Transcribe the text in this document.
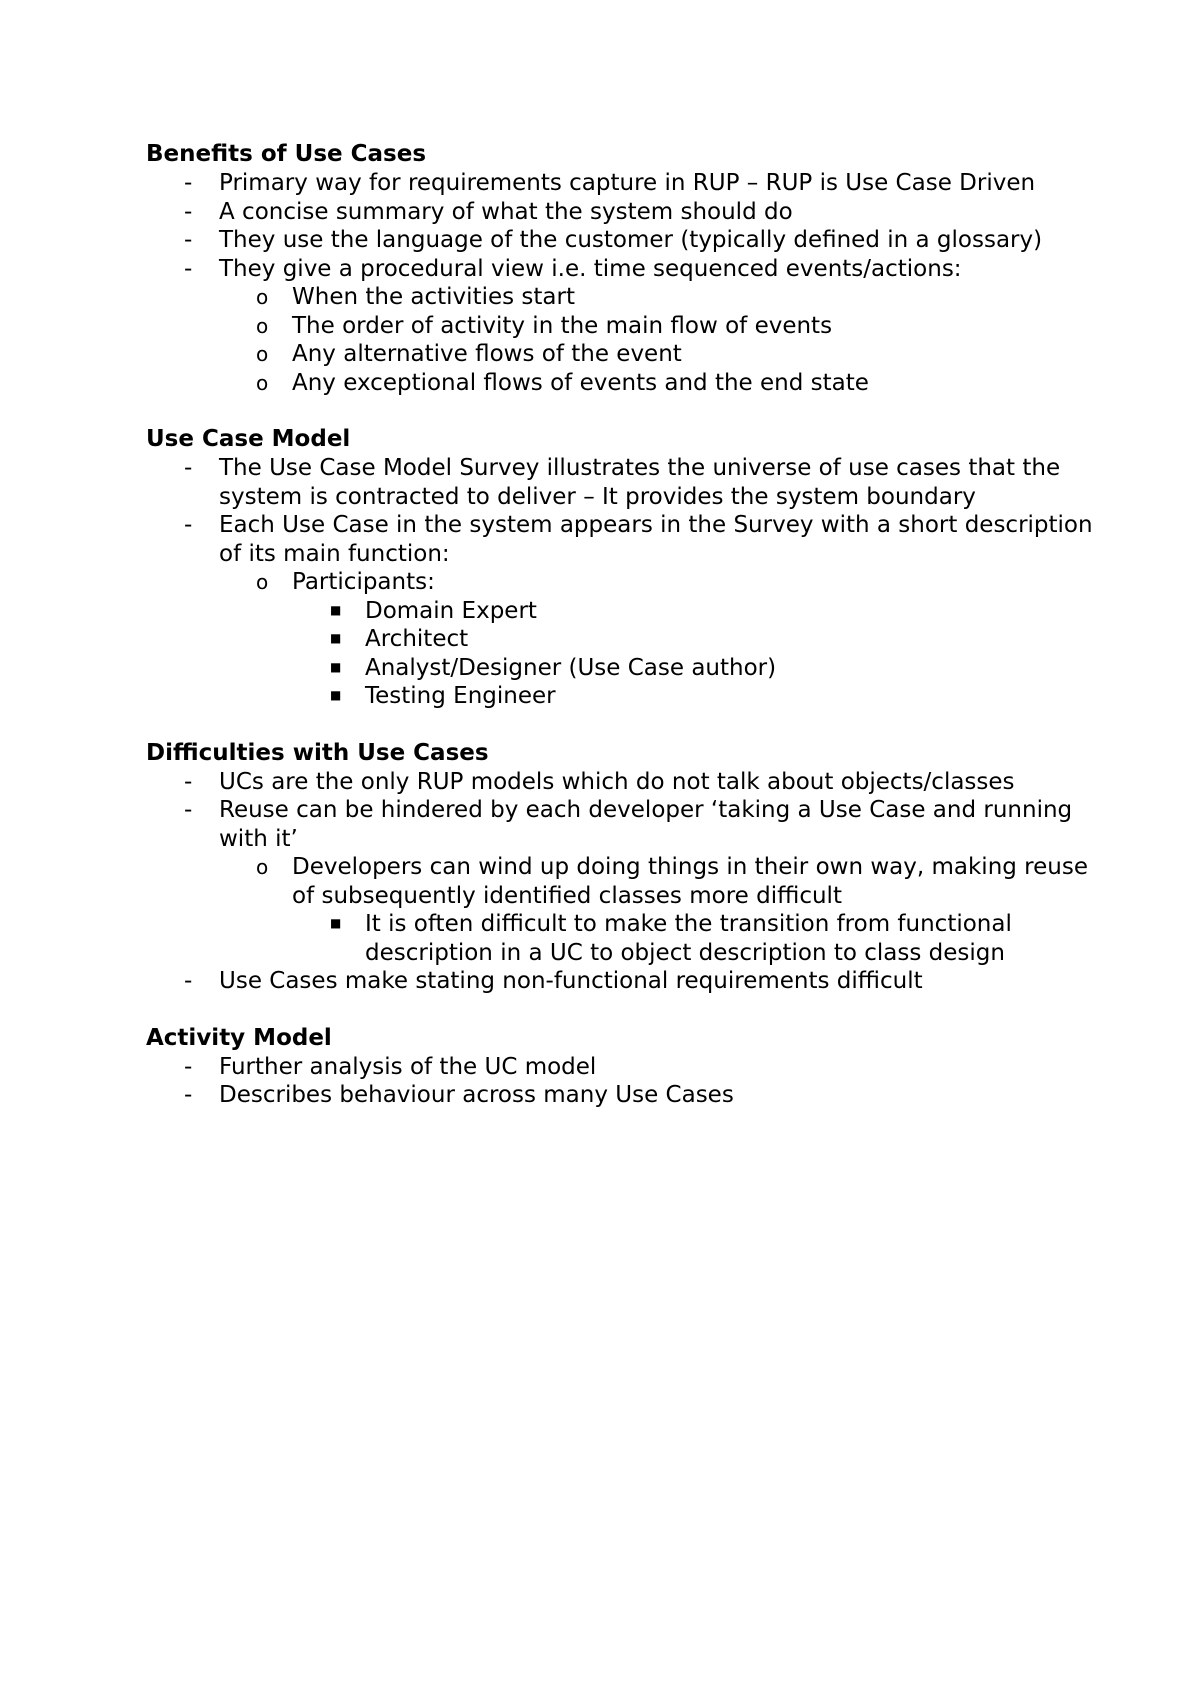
Benefits of Use Cases
- Primary way for requirements capture in RUP – RUP is Use Case Driven
- A concise summary of what the system should do
- They use the language of the customer (typically defined in a glossary)
- They give a procedural view i.e. time sequenced events/actions:
o When the activities start
o The order of activity in the main flow of events
o Any alternative flows of the event
o Any exceptional flows of events and the end state
Use Case Model
- The Use Case Model Survey illustrates the universe of use cases that the system is contracted to deliver – It provides the system boundary
- Each Use Case in the system appears in the Survey with a short description of its main function:
o Participants:
■ Domain Expert
■ Architect
■ Analyst/Designer (Use Case author)
■ Testing Engineer
Difficulties with Use Cases
- UCs are the only RUP models which do not talk about objects/classes
- Reuse can be hindered by each developer ‘taking a Use Case and running with it’
o Developers can wind up doing things in their own way, making reuse of subsequently identified classes more difficult
■ It is often difficult to make the transition from functional description in a UC to object description to class design
- Use Cases make stating non-functional requirements difficult
Activity Model
- Further analysis of the UC model
- Describes behaviour across many Use Cases
